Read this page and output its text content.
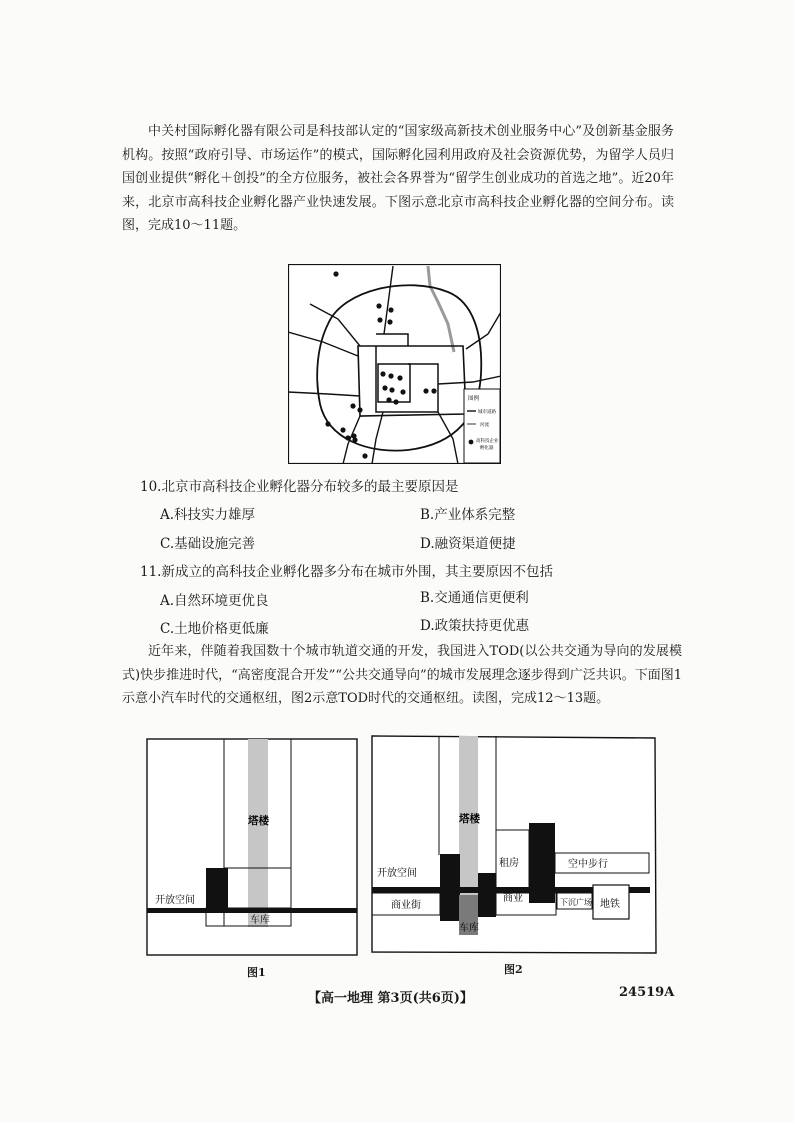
中关村国际孵化器有限公司是科技部认定的“国家级高新技术创业服务中心”及创新基金服务机构。按照“政府引导、市场运作”的模式，国际孵化园利用政府及社会资源优势，为留学人员归国创业提供“孵化＋创投”的全方位服务，被社会各界誉为“留学生创业成功的首选之地”。近20年来，北京市高科技企业孵化器产业快速发展。下图示意北京市高科技企业孵化器的空间分布。读图，完成10～11题。

图例
城市道路
河流
高科技企业
孵化器

10.北京市高科技企业孵化器分布较多的最主要原因是

A.科技实力雄厚	B.产业体系完整

C.基础设施完善	D.融资渠道便捷

11.新成立的高科技企业孵化器多分布在城市外围，其主要原因不包括

A.自然环境更优良	B.交通通信更便利

C.土地价格更低廉	D.政策扶持更优惠

近年来，伴随着我国数十个城市轨道交通的开发，我国进入TOD(以公共交通为导向的发展模式)快步推进时代，“高密度混合开发”“公共交通导向”的城市发展理念逐步得到广泛共识。下面图1示意小汽车时代的交通枢纽，图2示意TOD时代的交通枢纽。读图，完成12～13题。

塔楼
开放空间
车库

图1

塔楼
开放空间
租房	空中步行
商业街
商业
车库
下沉广场 地铁

图2

【高一地理 第3页(共6页)】	24519A
